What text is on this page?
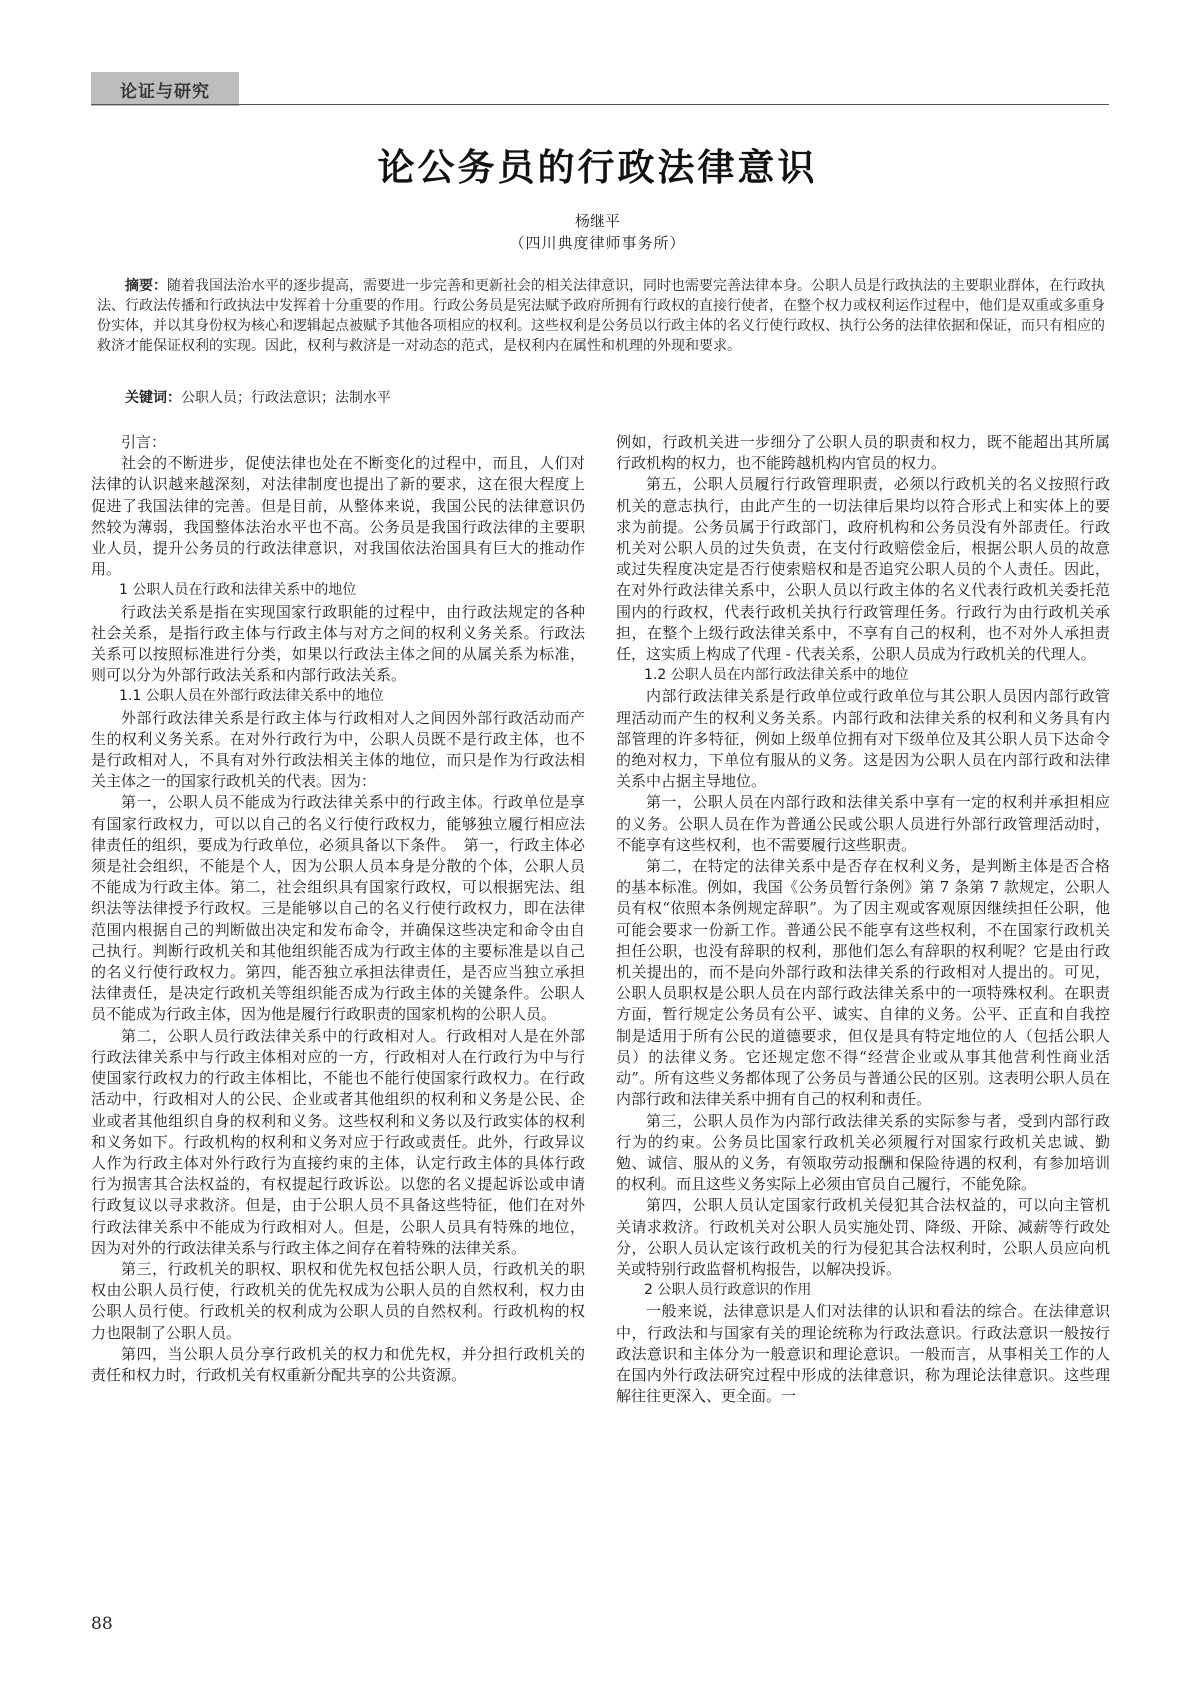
论证与研究
论公务员的行政法律意识
杨继平
（四川典度律师事务所）
摘要：随着我国法治水平的逐步提高，需要进一步完善和更新社会的相关法律意识，同时也需要完善法律本身。公职人员是行政执法的主要职业群体，在行政执法、行政法传播和行政执法中发挥着十分重要的作用。行政公务员是宪法赋予政府所拥有行政权的直接行使者，在整个权力或权利运作过程中，他们是双重或多重身份实体，并以其身份权为核心和逻辑起点被赋予其他各项相应的权利。这些权利是公务员以行政主体的名义行使行政权、执行公务的法律依据和保证，而只有相应的救济才能保证权利的实现。因此，权利与救济是一对动态的范式，是权利内在属性和机理的外现和要求。
关键词：公职人员；行政法意识；法制水平

引言：

社会的不断进步，促使法律也处在不断变化的过程中，而且，人们对法律的认识越来越深刻，对法律制度也提出了新的要求，这在很大程度上促进了我国法律的完善。但是目前，从整体来说，我国公民的法律意识仍然较为薄弱，我国整体法治水平也不高。公务员是我国行政法律的主要职业人员，提升公务员的行政法律意识，对我国依法治国具有巨大的推动作用。

1 公职人员在行政和法律关系中的地位

行政法关系是指在实现国家行政职能的过程中，由行政法规定的各种社会关系，是指行政主体与行政主体与对方之间的权利义务关系。行政法关系可以按照标准进行分类，如果以行政法主体之间的从属关系为标准，则可以分为外部行政法关系和内部行政法关系。

1.1 公职人员在外部行政法律关系中的地位

外部行政法律关系是行政主体与行政相对人之间因外部行政活动而产生的权利义务关系。在对外行政行为中，公职人员既不是行政主体，也不是行政相对人，不具有对外行政法相关主体的地位，而只是作为行政法相关主体之一的国家行政机关的代表。因为：

第一，公职人员不能成为行政法律关系中的行政主体。行政单位是享有国家行政权力，可以以自己的名义行使行政权力，能够独立履行相应法律责任的组织，要成为行政单位，必须具备以下条件。　第一，行政主体必须是社会组织，不能是个人，因为公职人员本身是分散的个体，公职人员不能成为行政主体。第二，社会组织具有国家行政权，可以根据宪法、组织法等法律授予行政权。三是能够以自己的名义行使行政权力，即在法律范围内根据自己的判断做出决定和发布命令，并确保这些决定和命令由自己执行。判断行政机关和其他组织能否成为行政主体的主要标准是以自己的名义行使行政权力。第四，能否独立承担法律责任，是否应当独立承担法律责任，是决定行政机关等组织能否成为行政主体的关键条件。公职人员不能成为行政主体，因为他是履行行政职责的国家机构的公职人员。

第二，公职人员行政法律关系中的行政相对人。行政相对人是在外部行政法律关系中与行政主体相对应的一方，行政相对人在行政行为中与行使国家行政权力的行政主体相比，不能也不能行使国家行政权力。在行政活动中，行政相对人的公民、企业或者其他组织的权利和义务是公民、企业或者其他组织自身的权利和义务。这些权利和义务以及行政实体的权利和义务如下。行政机构的权利和义务对应于行政或责任。此外，行政异议人作为行政主体对外行政行为直接约束的主体，认定行政主体的具体行政行为损害其合法权益的，有权提起行政诉讼。以您的名义提起诉讼或申请行政复议以寻求救济。但是，由于公职人员不具备这些特征，他们在对外行政法律关系中不能成为行政相对人。但是，公职人员具有特殊的地位，因为对外的行政法律关系与行政主体之间存在着特殊的法律关系。

第三，行政机关的职权、职权和优先权包括公职人员，行政机关的职权由公职人员行使，行政机关的优先权成为公职人员的自然权利，权力由公职人员行使。行政机关的权利成为公职人员的自然权利。行政机构的权力也限制了公职人员。

第四，当公职人员分享行政机关的权力和优先权，并分担行政机关的责任和权力时，行政机关有权重新分配共享的公共资源。

例如，行政机关进一步细分了公职人员的职责和权力，既不能超出其所属行政机构的权力，也不能跨越机构内官员的权力。

第五，公职人员履行行政管理职责，必须以行政机关的名义按照行政机关的意志执行，由此产生的一切法律后果均以符合形式上和实体上的要求为前提。公务员属于行政部门，政府机构和公务员没有外部责任。行政机关对公职人员的过失负责，在支付行政赔偿金后，根据公职人员的故意或过失程度决定是否行使索赔权和是否追究公职人员的个人责任。因此，在对外行政法律关系中，公职人员以行政主体的名义代表行政机关委托范围内的行政权，代表行政机关执行行政管理任务。行政行为由行政机关承担，在整个上级行政法律关系中，不享有自己的权利，也不对外人承担责任，这实质上构成了代理 - 代表关系，公职人员成为行政机关的代理人。

1.2 公职人员在内部行政法律关系中的地位

内部行政法律关系是行政单位或行政单位与其公职人员因内部行政管理活动而产生的权利义务关系。内部行政和法律关系的权利和义务具有内部管理的许多特征，例如上级单位拥有对下级单位及其公职人员下达命令的绝对权力，下单位有服从的义务。这是因为公职人员在内部行政和法律关系中占据主导地位。

第一，公职人员在内部行政和法律关系中享有一定的权利并承担相应的义务。公职人员在作为普通公民或公职人员进行外部行政管理活动时，不能享有这些权利，也不需要履行这些职责。

第二，在特定的法律关系中是否存在权利义务，是判断主体是否合格的基本标准。例如，我国《公务员暂行条例》第 7 条第 7 款规定，公职人员有权“依照本条例规定辞职”。为了因主观或客观原因继续担任公职，他可能会要求一份新工作。普通公民不能享有这些权利，不在国家行政机关担任公职，也没有辞职的权利，那他们怎么有辞职的权利呢？它是由行政机关提出的，而不是向外部行政和法律关系的行政相对人提出的。可见，公职人员职权是公职人员在内部行政法律关系中的一项特殊权利。在职责方面，暂行规定公务员有公平、诚实、自律的义务。公平、正直和自我控制是适用于所有公民的道德要求，但仅是具有特定地位的人（包括公职人员）的法律义务。它还规定您不得“经营企业或从事其他营利性商业活动”。所有这些义务都体现了公务员与普通公民的区别。这表明公职人员在内部行政和法律关系中拥有自己的权利和责任。

第三，公职人员作为内部行政法律关系的实际参与者，受到内部行政行为的约束。公务员比国家行政机关必须履行对国家行政机关忠诚、勤勉、诚信、服从的义务，有领取劳动报酬和保险待遇的权利，有参加培训的权利。而且这些义务实际上必须由官员自己履行，不能免除。

第四，公职人员认定国家行政机关侵犯其合法权益的，可以向主管机关请求救济。行政机关对公职人员实施处罚、降级、开除、减薪等行政处分，公职人员认定该行政机关的行为侵犯其合法权利时，公职人员应向机关或特别行政监督机构报告，以解决投诉。

2 公职人员行政意识的作用

一般来说，法律意识是人们对法律的认识和看法的综合。在法律意识中，行政法和与国家有关的理论统称为行政法意识。行政法意识一般按行政法意识和主体分为一般意识和理论意识。一般而言，从事相关工作的人在国内外行政法研究过程中形成的法律意识，称为理论法律意识。这些理解往往更深入、更全面。一

88
